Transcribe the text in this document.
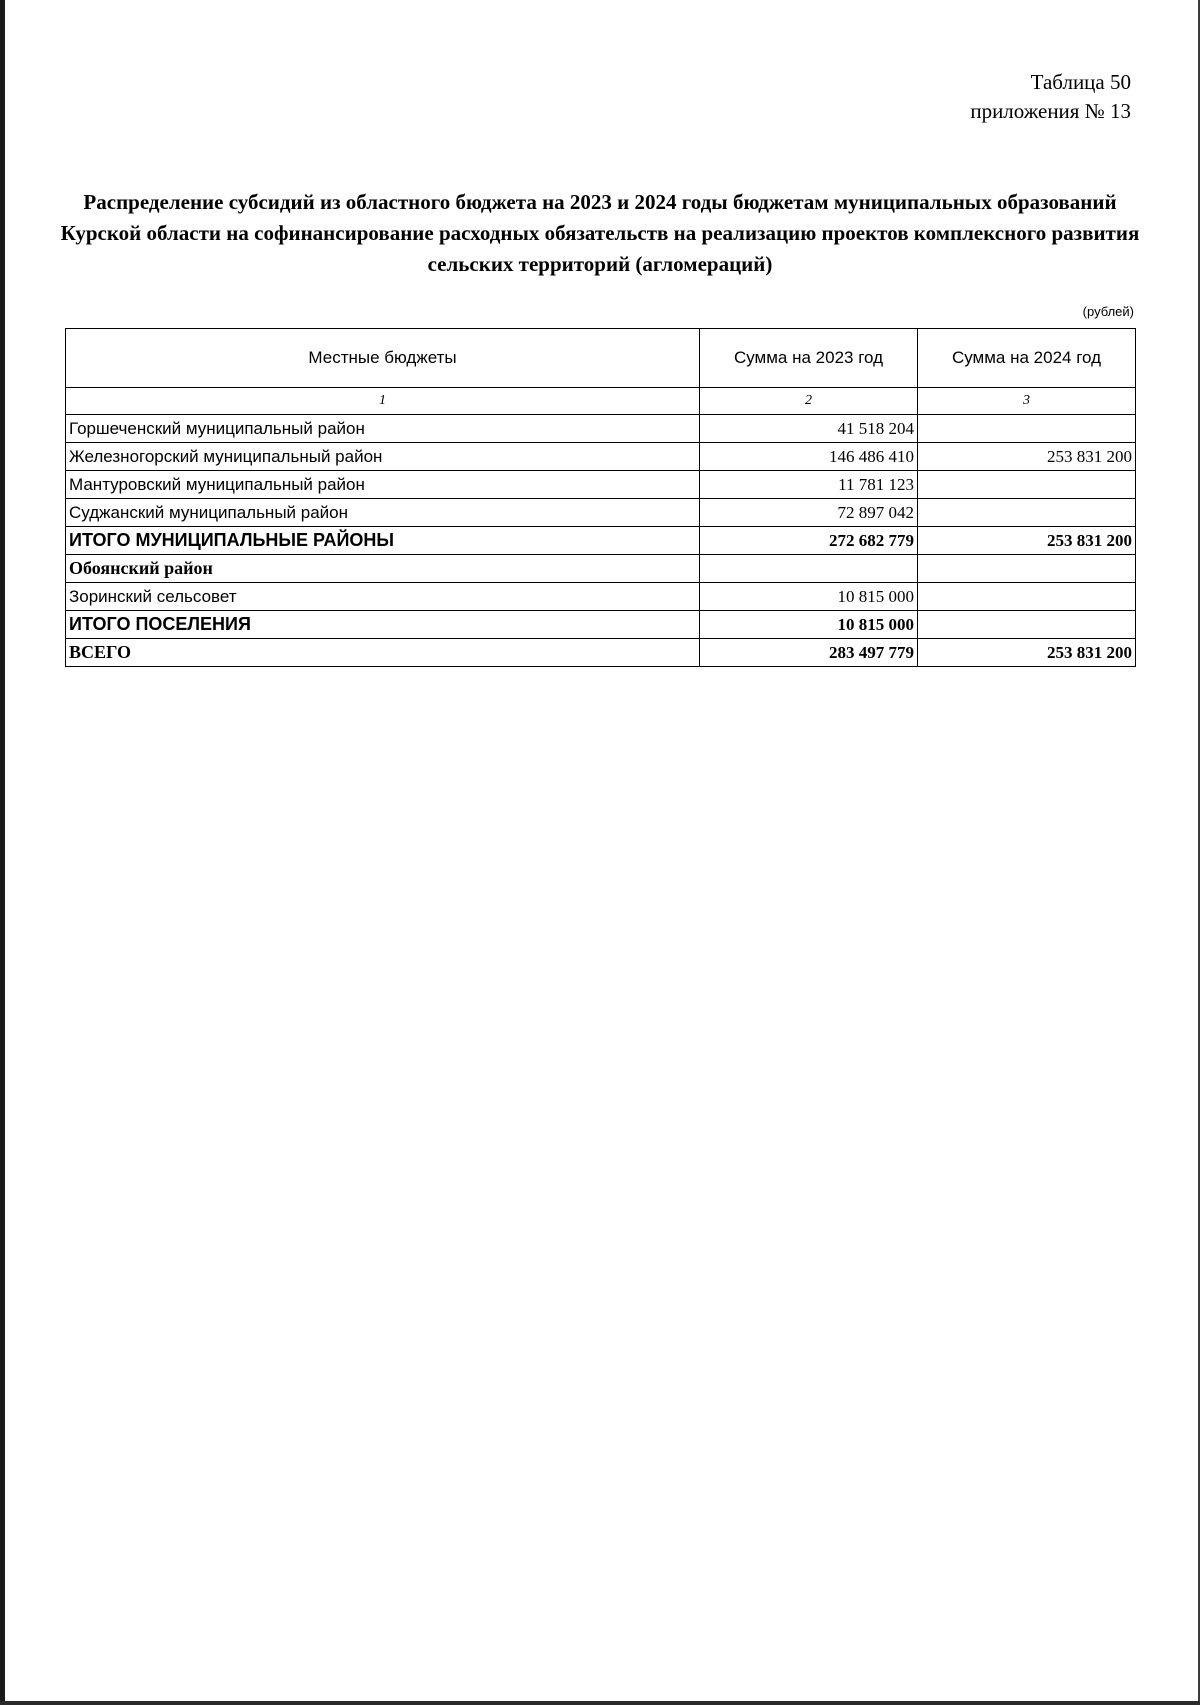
Таблица 50
приложения № 13
Распределение субсидий из областного бюджета на 2023 и 2024 годы бюджетам муниципальных образований Курской области на софинансирование расходных обязательств на реализацию проектов комплексного развития сельских территорий (агломераций)
(рублей)
Местные бюджеты	Сумма на 2023 год	Сумма на 2024 год
1	2	3
Горшеченский муниципальный район	41 518 204	
Железногорский муниципальный район	146 486 410	253 831 200
Мантуровский муниципальный район	11 781 123	
Суджанский муниципальный район	72 897 042	
ИТОГО МУНИЦИПАЛЬНЫЕ РАЙОНЫ	272 682 779	253 831 200
Обоянский район		
Зоринский сельсовет	10 815 000	
ИТОГО ПОСЕЛЕНИЯ	10 815 000	
ВСЕГО	283 497 779	253 831 200
